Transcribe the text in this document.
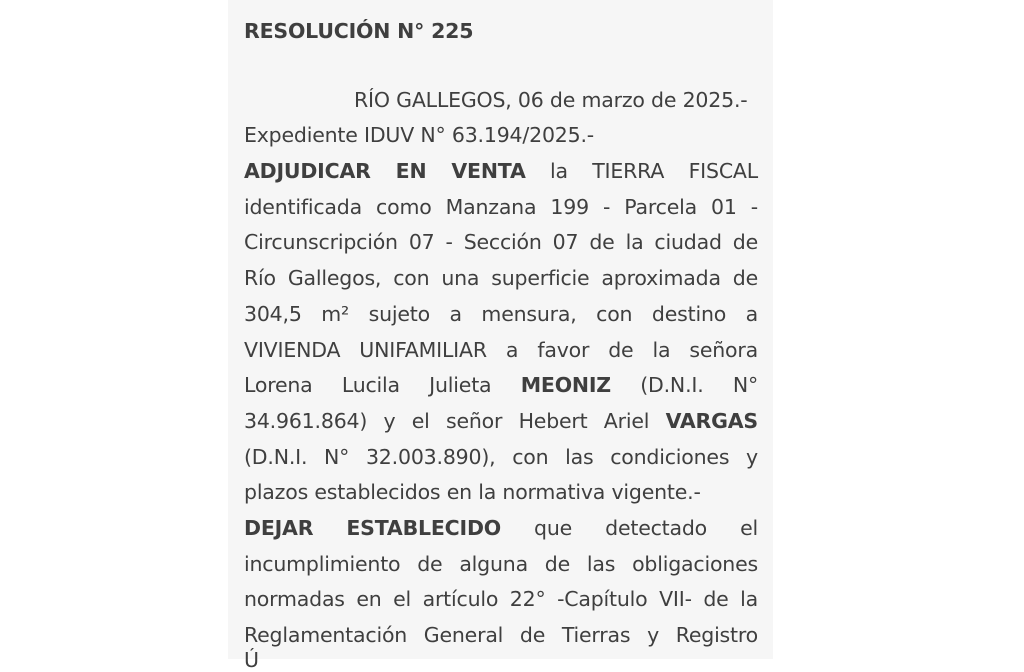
RESOLUCIÓN N° 225
RÍO GALLEGOS, 06 de marzo de 2025.-
Expediente IDUV N° 63.194/2025.-
ADJUDICAR EN VENTA la TIERRA FISCAL
identificada como Manzana 199 - Parcela 01 -
Circunscripción 07 - Sección 07 de la ciudad de
Río Gallegos, con una superficie aproximada de
304,5 m² sujeto a mensura, con destino a
VIVIENDA UNIFAMILIAR a favor de la señora
Lorena Lucila Julieta MEONIZ (D.N.I. N°
34.961.864) y el señor Hebert Ariel VARGAS
(D.N.I. N° 32.003.890), con las condiciones y
plazos establecidos en la normativa vigente.-
DEJAR ESTABLECIDO que detectado el
incumplimiento de alguna de las obligaciones
normadas en el artículo 22° -Capítulo VII- de la
Reglamentación General de Tierras y Registro
Ú
